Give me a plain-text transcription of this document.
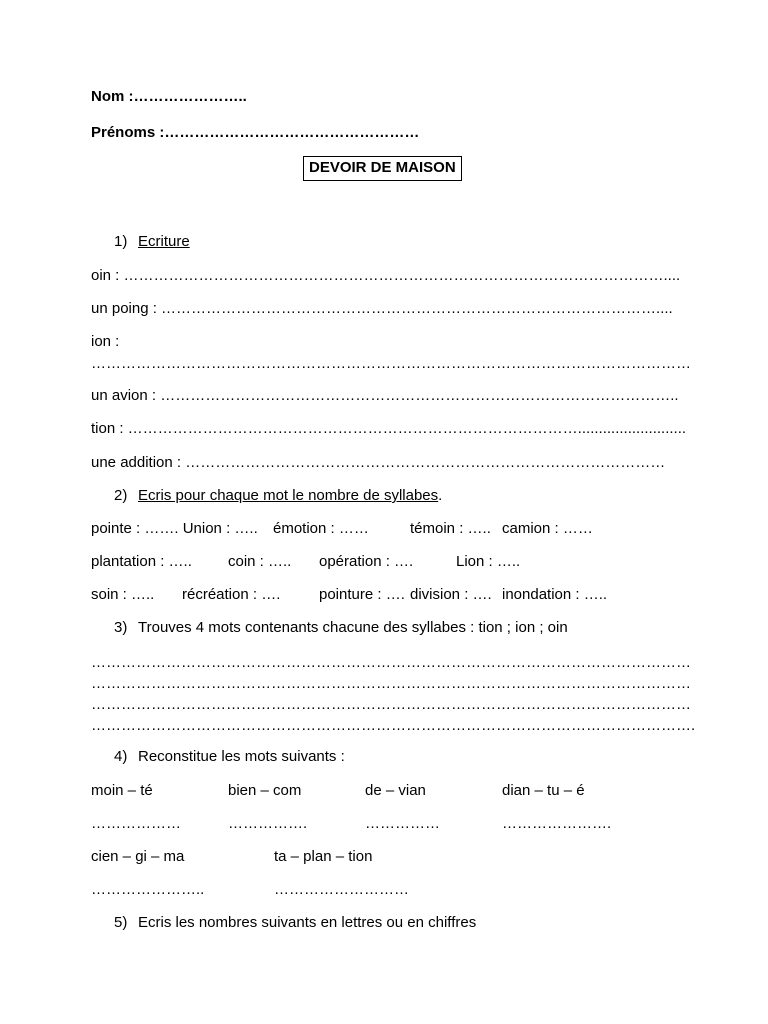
Nom :…………………..
Prénoms :……………………………………………
DEVOIR DE MAISON
1) Ecriture
oin : ………………………………………………………………………………………………....
un poing : ………………………………………………………………………………………....
ion :
…………………………………………………………………………………………………………
un avion : …………………………………………………………………………………………..
tion : ………………………………………………………………………………..........................
une addition : ……………………………………………………………………………………
2) Ecris pour chaque mot le nombre de syllabes.
pointe : ……. Union : ….. émotion : ……	témoin : ….. camion : ……
plantation : ….. coin : ….. opération : ….	Lion : …..
soin : ….. récréation : ….	pointure : …. division : …. inondation : …..
3) Trouves 4 mots contenants chacune des syllabes : tion ; ion ; oin
…………………………………………………………………………………………………………
…………………………………………………………………………………………………………
…………………………………………………………………………………………………………
………………………………………………………………………………………………………….
4) Reconstitue les mots suivants :
moin – té	bien – com	de – vian	dian – tu – é
………………	…………….	……………	………………….
cien – gi – ma	ta – plan – tion
…………………..	………………………
5) Ecris les nombres suivants en lettres ou en chiffres
